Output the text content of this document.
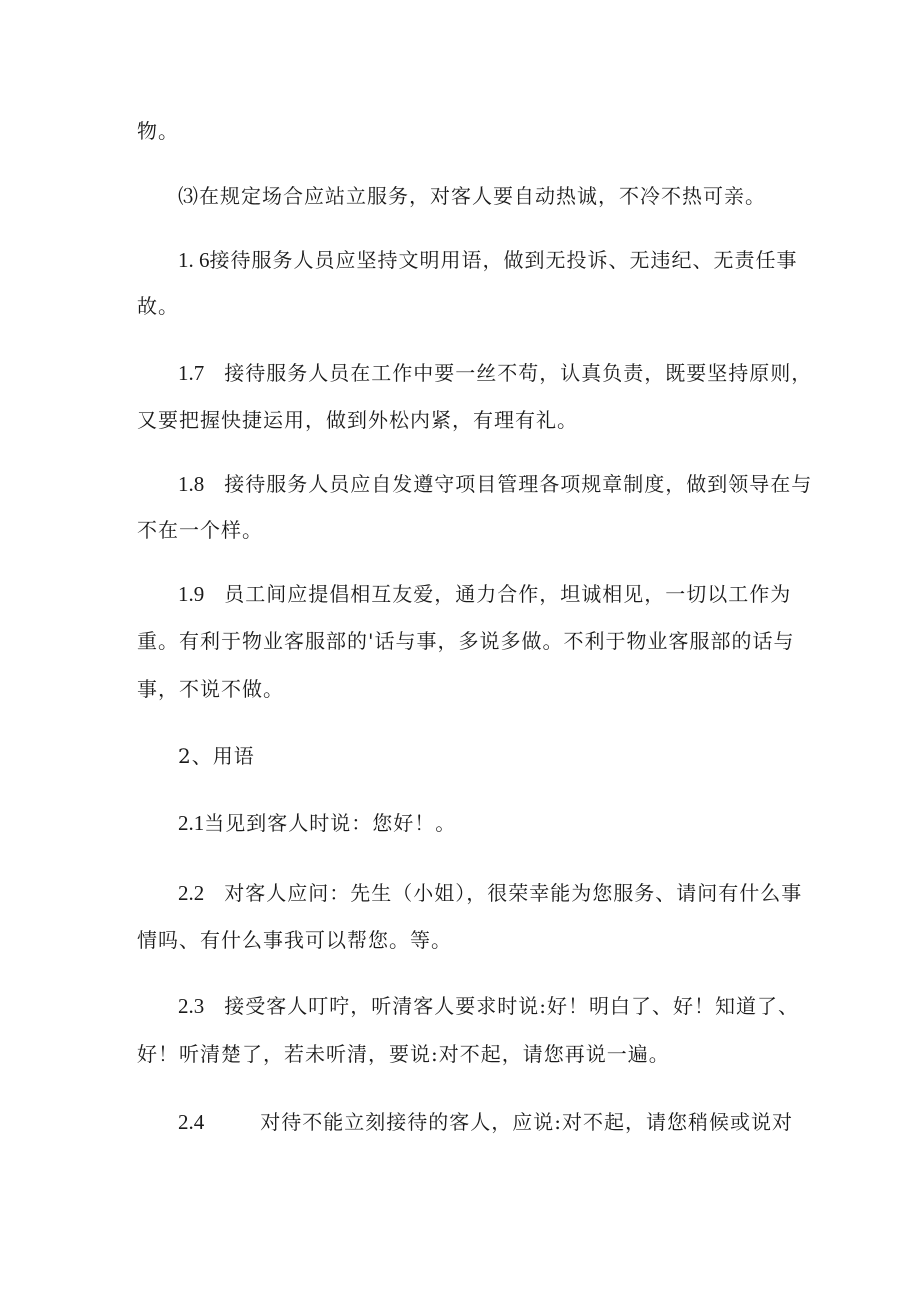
物。
⑶在规定场合应站立服务，对客人要自动热诚，不冷不热可亲。
1. 6接待服务人员应坚持文明用语，做到无投诉、无违纪、无责任事
故。
1.7 接待服务人员在工作中要一丝不苟，认真负责，既要坚持原则，
又要把握快捷运用，做到外松内紧，有理有礼。
1.8 接待服务人员应自发遵守项目管理各项规章制度，做到领导在与
不在一个样。
1.9 员工间应提倡相互友爱，通力合作，坦诚相见，一切以工作为
重。有利于物业客服部的'话与事，多说多做。不利于物业客服部的话与
事，不说不做。
2、用语
2.1当见到客人时说：您好！。
2.2 对客人应问：先生（小姐），很荣幸能为您服务、请问有什么事
情吗、有什么事我可以帮您。等。
2.3 接受客人叮咛，听清客人要求时说:好！明白了、好！知道了、
好！听清楚了，若未听清，要说:对不起，请您再说一遍。
2.4	对待不能立刻接待的客人，应说:对不起，请您稍候或说对
